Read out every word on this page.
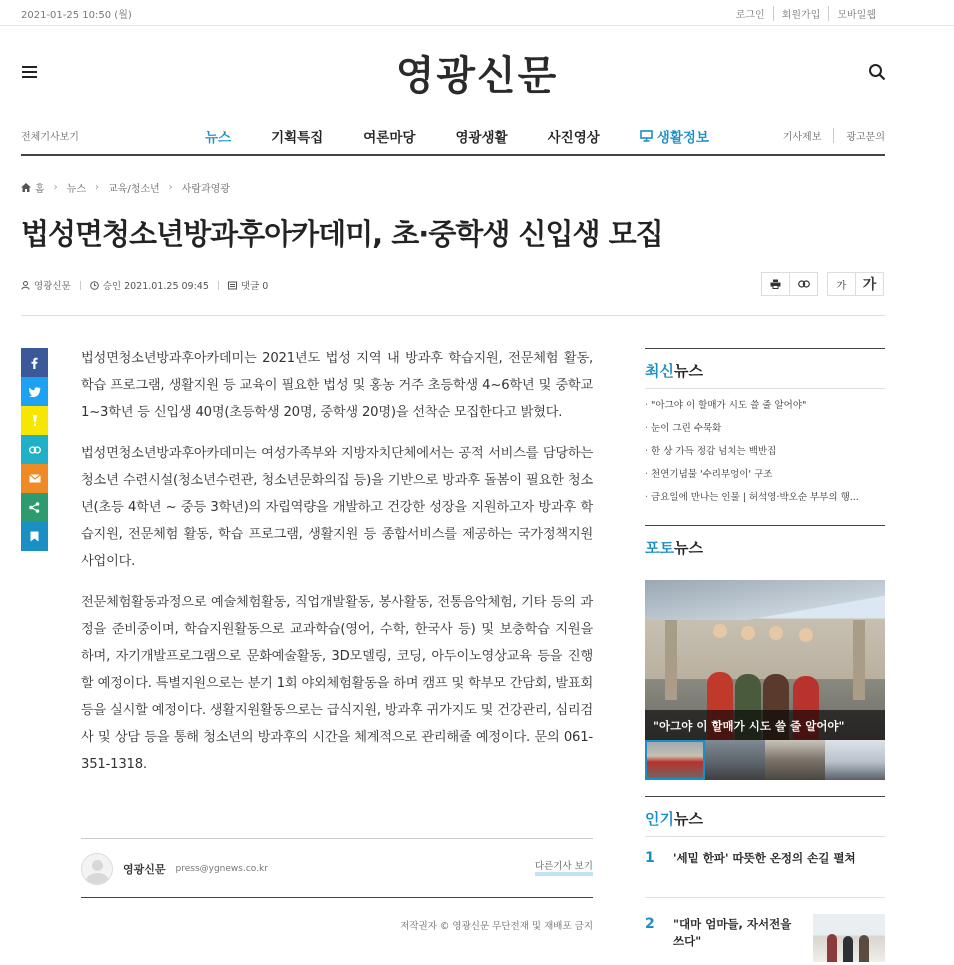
2021-01-25 10:50 (월)	로그인	회원가입	모바일웹
영광신문
전체기사보기	뉴스	기획특집	여론마당	영광생활	사진영상	생활정보	기사제보	광고문의
홈 › 뉴스 › 교육/청소년 › 사람과영광
법성면청소년방과후아카데미, 초·중학생 신입생 모집
영광신문	승인 2021.01.25 09:45	댓글 0	가	가

법성면청소년방과후아카데미는 2021년도 법성 지역 내 방과후 학습지원, 전문체험 활동, 학습 프로그램, 생활지원 등 교육이 필요한 법성 및 홍농 거주 초등학생 4~6학년 및 중학교 1~3학년 등 신입생 40명(초등학생 20명, 중학생 20명)을 선착순 모집한다고 밝혔다.

법성면청소년방과후아카데미는 여성가족부와 지방자치단체에서는 공적 서비스를 담당하는 청소년 수련시설(청소년수련관, 청소년문화의집 등)을 기반으로 방과후 돌봄이 필요한 청소년(초등 4학년 ~ 중등 3학년)의 자립역량을 개발하고 건강한 성장을 지원하고자 방과후 학습지원, 전문체험 활동, 학습 프로그램, 생활지원 등 종합서비스를 제공하는 국가정책지원 사업이다.

전문체험활동과정으로 예술체험활동, 직업개발활동, 봉사활동, 전통음악체험, 기타 등의 과정을 준비중이며, 학습지원활동으로 교과학습(영어, 수학, 한국사 등) 및 보충학습 지원을 하며, 자기개발프로그램으로 문화예술활동, 3D모델링, 코딩, 아두이노영상교육 등을 진행할 예정이다. 특별지원으로는 분기 1회 야외체험활동을 하며 캠프 및 학부모 간담회, 발표회 등을 실시할 예정이다. 생활지원활동으로는 급식지원, 방과후 귀가지도 및 건강관리, 심리검사 및 상담 등을 통해 청소년의 방과후의 시간을 체계적으로 관리해줄 예정이다. 문의 061-351-1318.

영광신문 press@ygnews.co.kr	다른기사 보기
저작권자 © 영광신문 무단전재 및 재배포 금지
최신뉴스
· "아그야 이 할매가 시도 쓸 줄 알어야"
· 눈이 그린 수묵화
· 한 상 가득 정감 넘치는 백반집
· 천연기념물 '수리부엉이' 구조
· 금요일에 만나는 인물 | 허석영·박오순 부부의 행...
포토뉴스
"아그야 이 할매가 시도 쓸 줄 알어야"
인기뉴스
1	'세밑 한파' 따뜻한 온정의 손길 펼쳐
2	"대마 엄마들, 자서전을 쓰다"
